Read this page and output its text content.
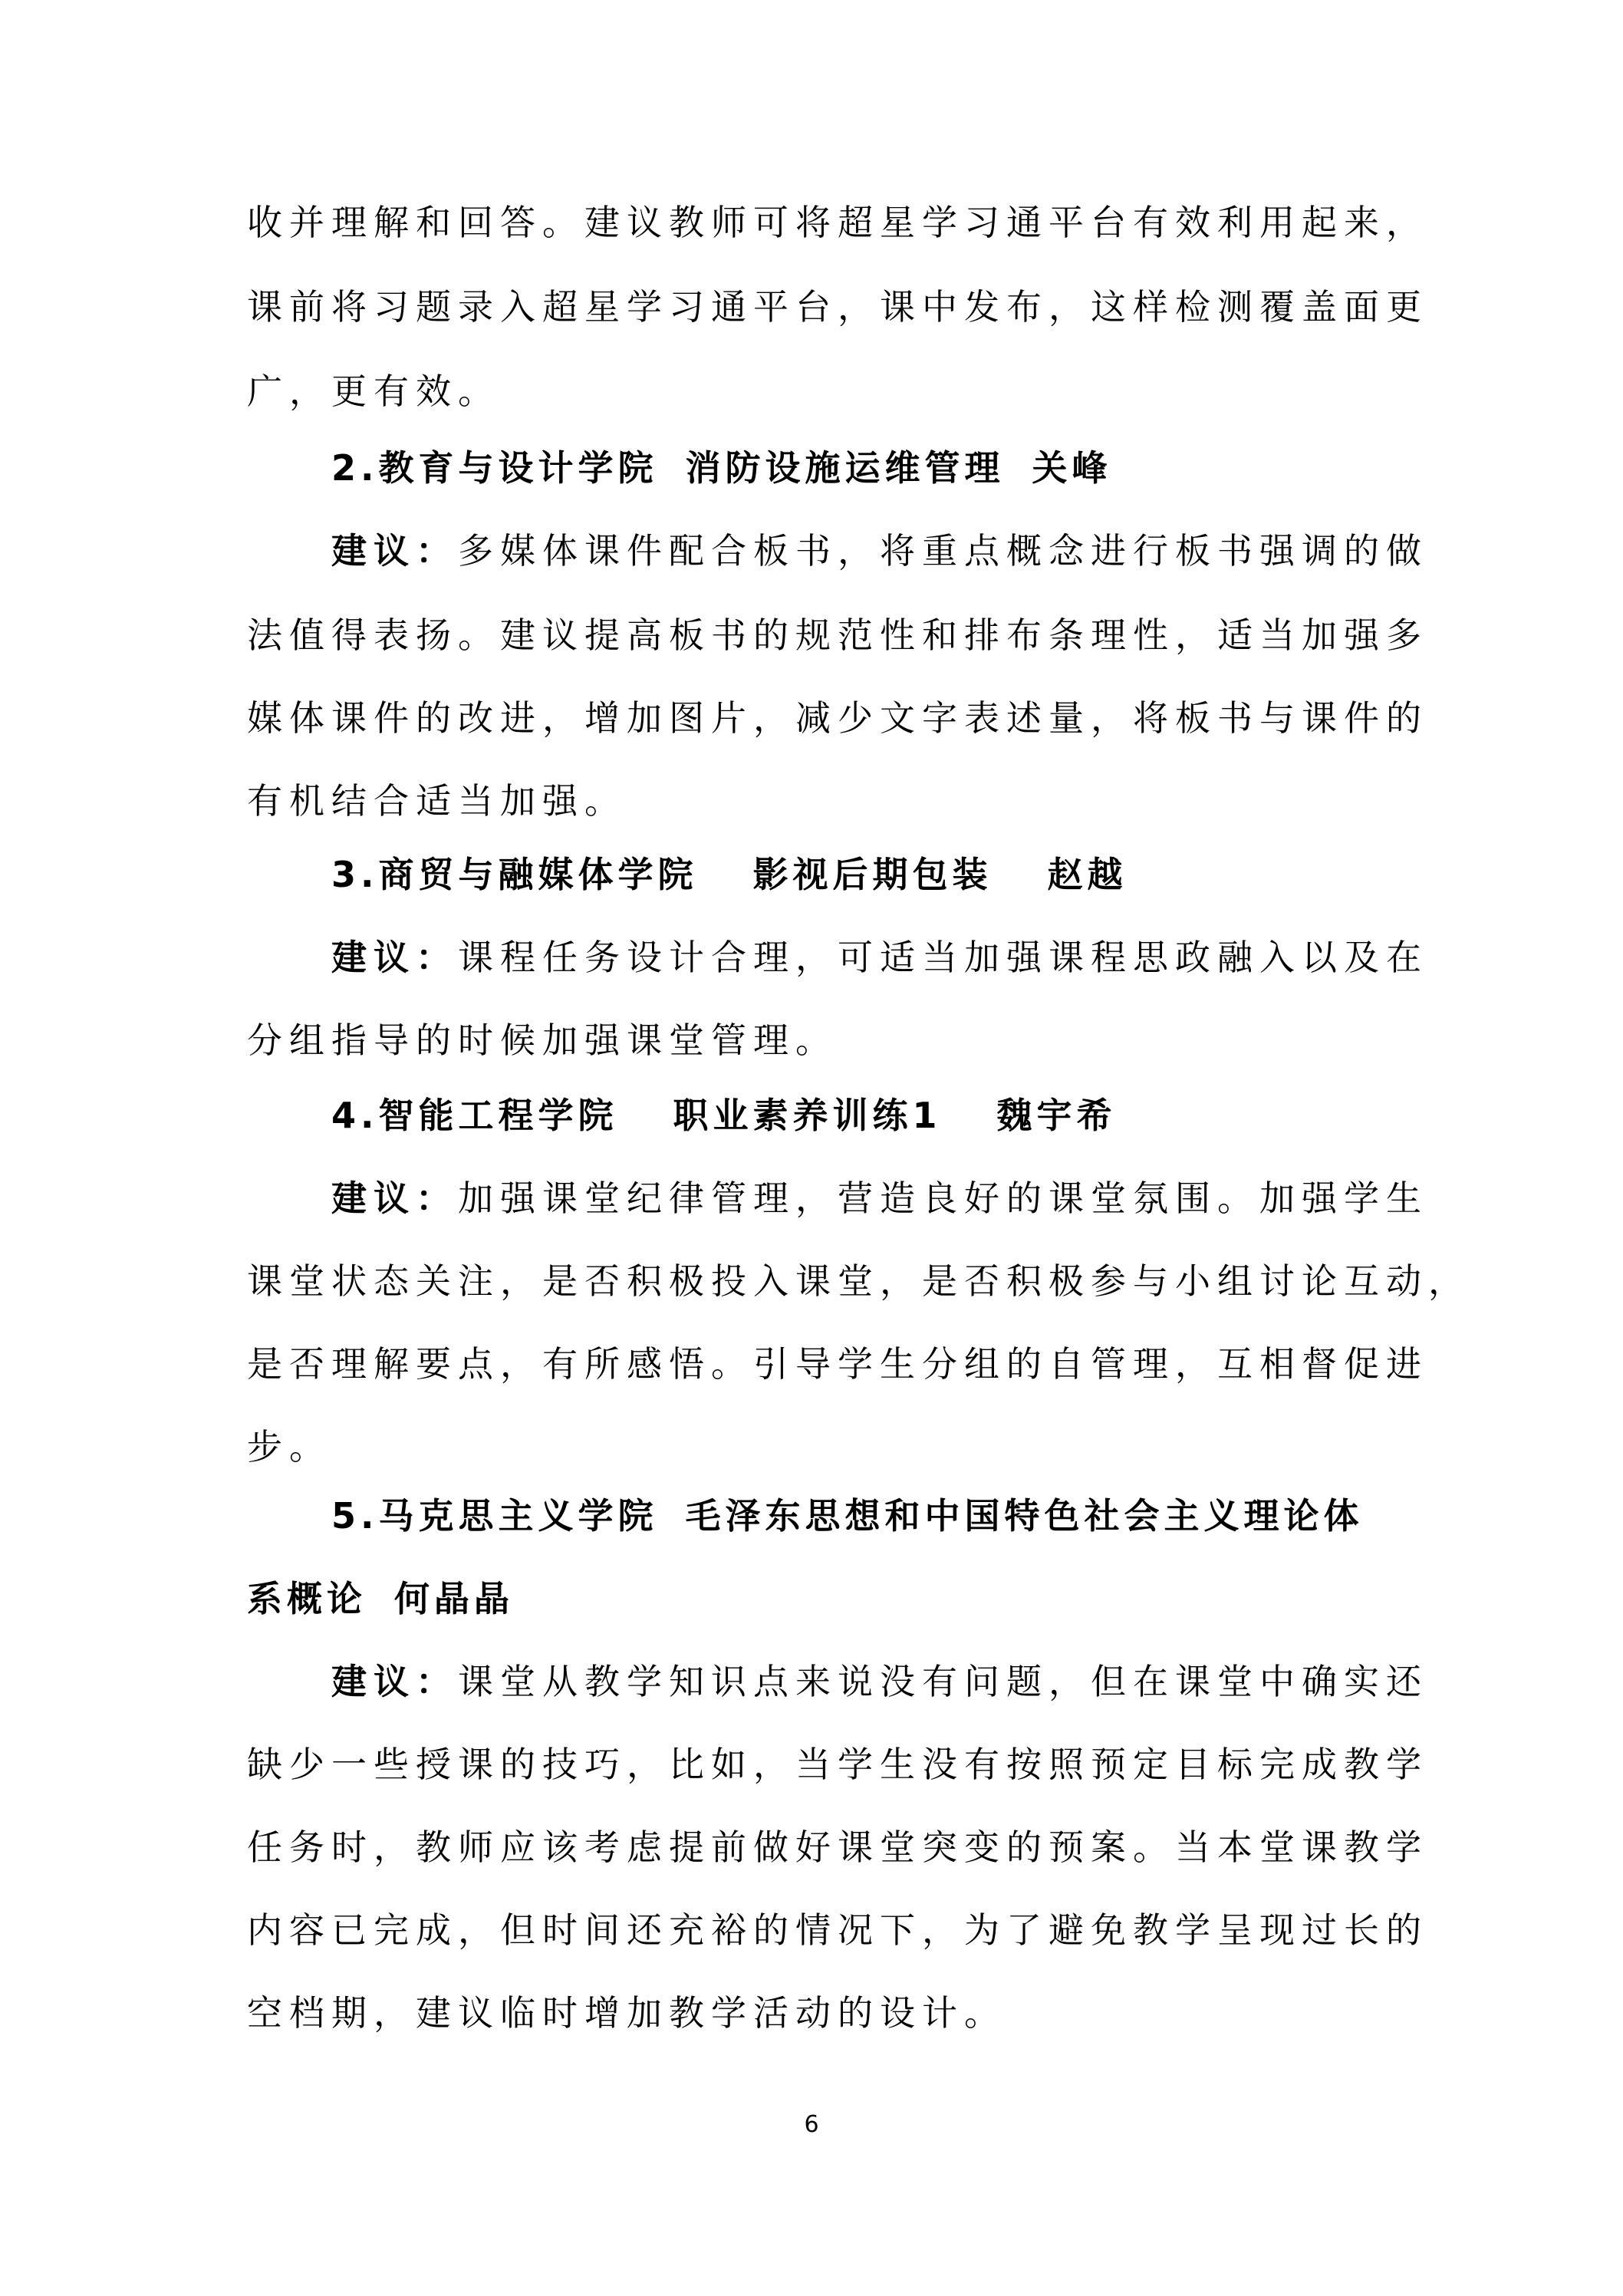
收并理解和回答。建议教师可将超星学习通平台有效利用起来，
课前将习题录入超星学习通平台，课中发布，这样检测覆盖面更
广，更有效。
2.教育与设计学院 消防设施运维管理 关峰
建议：多媒体课件配合板书，将重点概念进行板书强调的做
法值得表扬。建议提高板书的规范性和排布条理性，适当加强多
媒体课件的改进，增加图片，减少文字表述量，将板书与课件的
有机结合适当加强。
3.商贸与融媒体学院 影视后期包装 赵越
建议：课程任务设计合理，可适当加强课程思政融入以及在
分组指导的时候加强课堂管理。
4.智能工程学院 职业素养训练1 魏宇希
建议：加强课堂纪律管理，营造良好的课堂氛围。加强学生
课堂状态关注，是否积极投入课堂，是否积极参与小组讨论互动，
是否理解要点，有所感悟。引导学生分组的自管理，互相督促进
步。
5.马克思主义学院 毛泽东思想和中国特色社会主义理论体
系概论 何晶晶
建议：课堂从教学知识点来说没有问题，但在课堂中确实还
缺少一些授课的技巧，比如，当学生没有按照预定目标完成教学
任务时，教师应该考虑提前做好课堂突变的预案。当本堂课教学
内容已完成，但时间还充裕的情况下，为了避免教学呈现过长的
空档期，建议临时增加教学活动的设计。
6
